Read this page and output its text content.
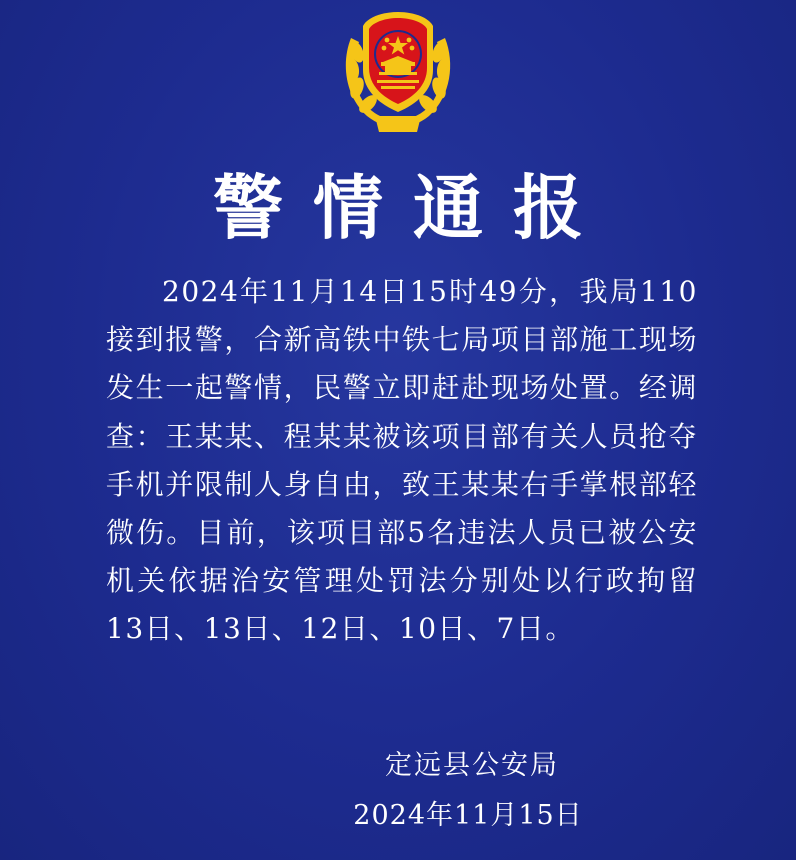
警情通报

2024年11月14日15时49分，我局110接到报警，合新高铁中铁七局项目部施工现场发生一起警情，民警立即赶赴现场处置。经调查：王某某、程某某被该项目部有关人员抢夺手机并限制人身自由，致王某某右手掌根部轻微伤。目前，该项目部5名违法人员已被公安机关依据治安管理处罚法分别处以行政拘留13日、13日、12日、10日、7日。

定远县公安局
2024年11月15日
